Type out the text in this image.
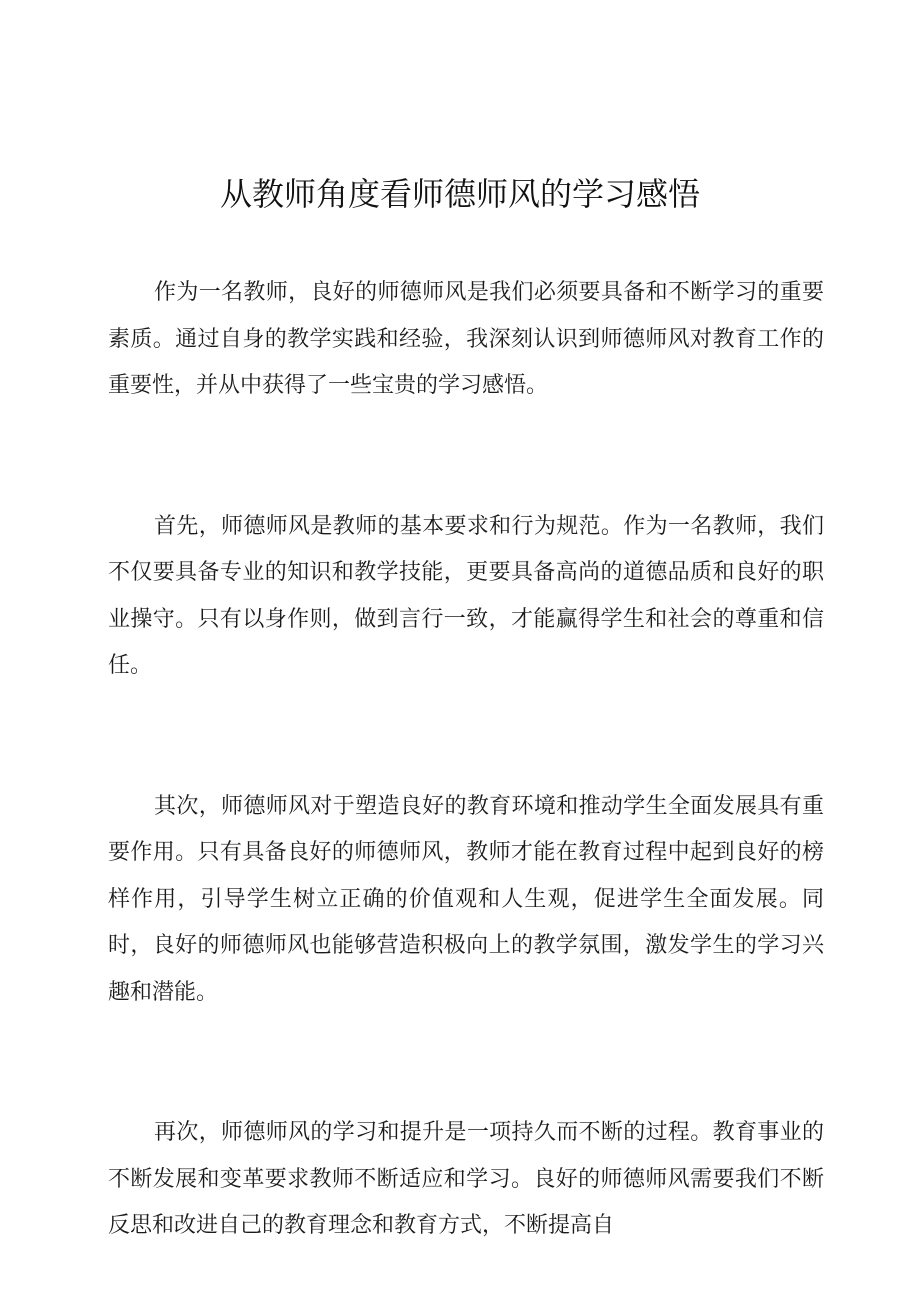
从教师角度看师德师风的学习感悟

作为一名教师，良好的师德师风是我们必须要具备和不断学习的重要素质。通过自身的教学实践和经验，我深刻认识到师德师风对教育工作的重要性，并从中获得了一些宝贵的学习感悟。

首先，师德师风是教师的基本要求和行为规范。作为一名教师，我们不仅要具备专业的知识和教学技能，更要具备高尚的道德品质和良好的职业操守。只有以身作则，做到言行一致，才能赢得学生和社会的尊重和信任。

其次，师德师风对于塑造良好的教育环境和推动学生全面发展具有重要作用。只有具备良好的师德师风，教师才能在教育过程中起到良好的榜样作用，引导学生树立正确的价值观和人生观，促进学生全面发展。同时，良好的师德师风也能够营造积极向上的教学氛围，激发学生的学习兴趣和潜能。

再次，师德师风的学习和提升是一项持久而不断的过程。教育事业的不断发展和变革要求教师不断适应和学习。良好的师德师风需要我们不断反思和改进自己的教育理念和教育方式，不断提高自
